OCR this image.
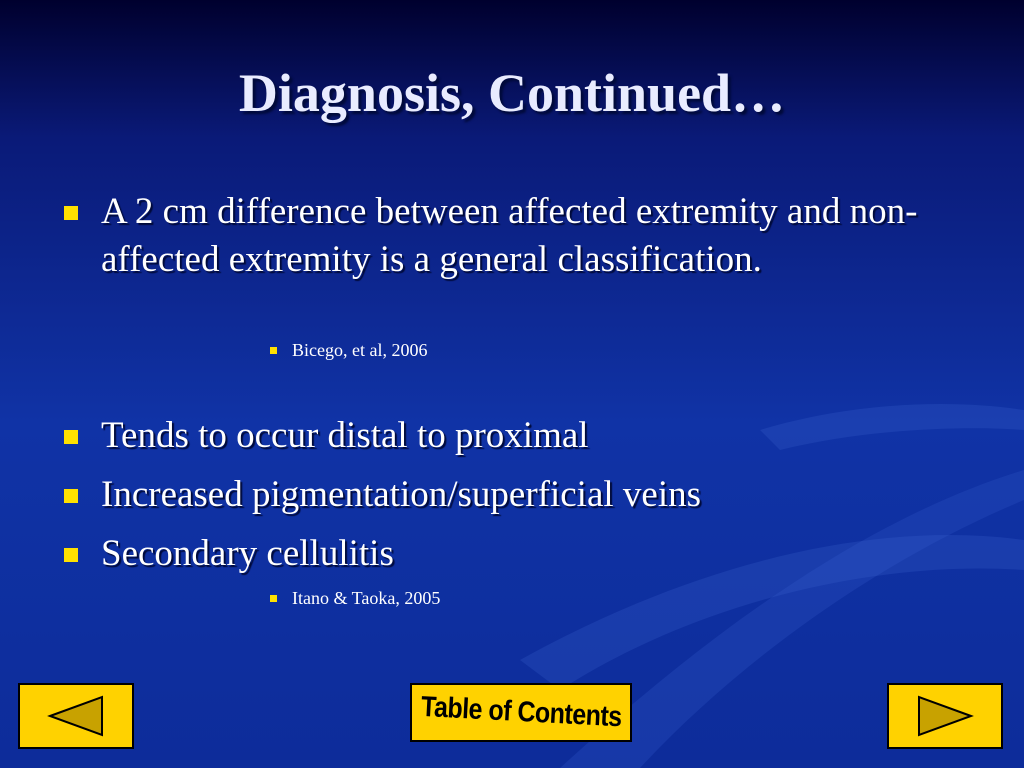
Diagnosis, Continued…
A 2 cm difference between affected extremity and non-affected extremity is a general classification.
Bicego, et al, 2006
Tends to occur distal to proximal
Increased pigmentation/superficial veins
Secondary cellulitis
Itano & Taoka, 2005
Table of Contents
